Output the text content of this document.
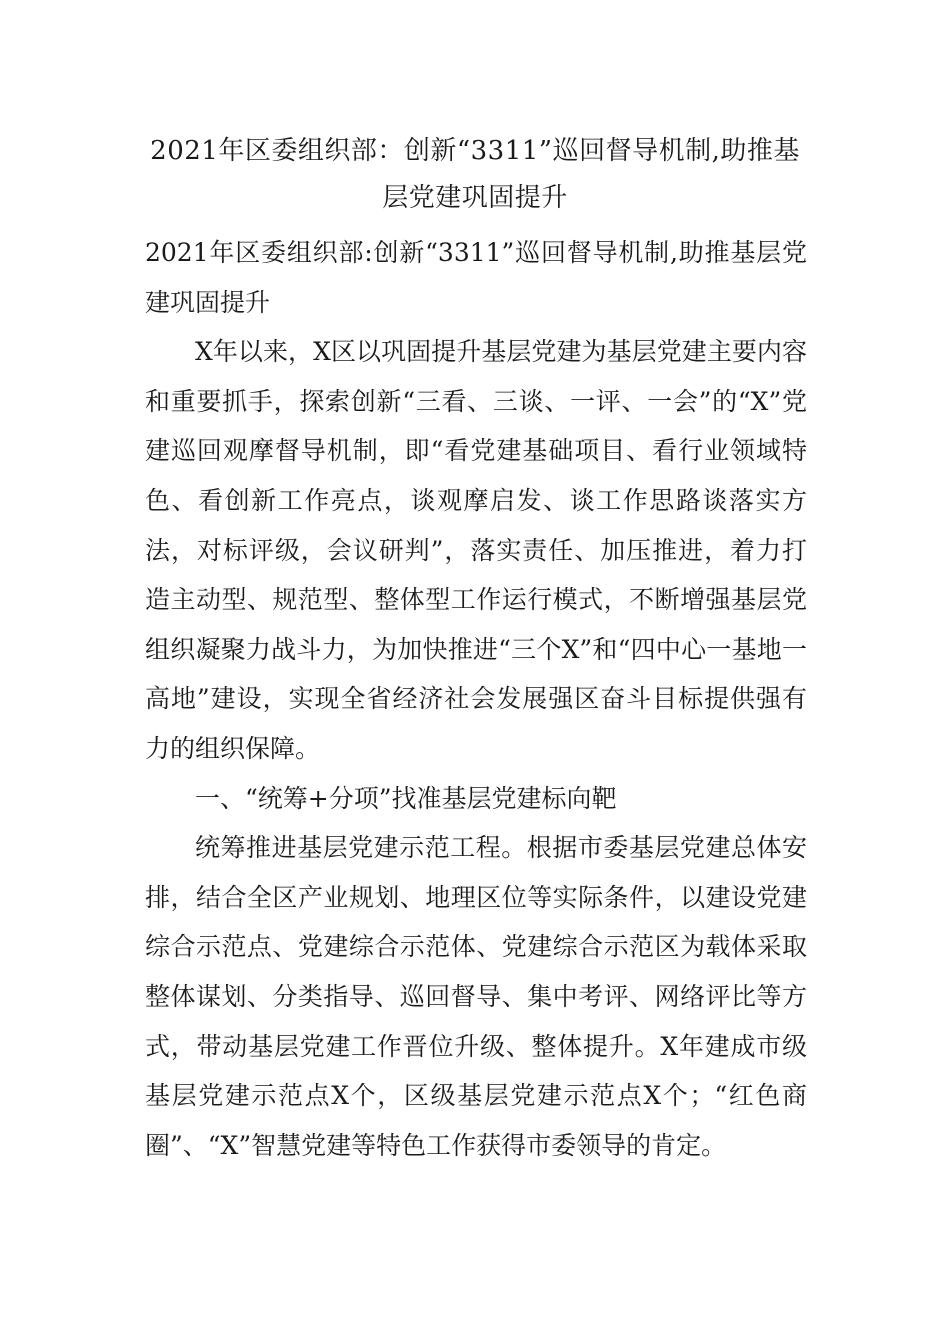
2021年区委组织部：创新“3311”巡回督导机制,助推基层党建巩固提升

2021年区委组织部:创新“3311”巡回督导机制,助推基层党建巩固提升

X年以来，X区以巩固提升基层党建为基层党建主要内容和重要抓手，探索创新“三看、三谈、一评、一会”的“X”党建巡回观摩督导机制，即“看党建基础项目、看行业领域特色、看创新工作亮点，谈观摩启发、谈工作思路谈落实方法，对标评级，会议研判”，落实责任、加压推进，着力打造主动型、规范型、整体型工作运行模式，不断增强基层党组织凝聚力战斗力，为加快推进“三个X”和“四中心一基地一高地”建设，实现全省经济社会发展强区奋斗目标提供强有力的组织保障。

一、“统筹+分项”找准基层党建标向靶

统筹推进基层党建示范工程。根据市委基层党建总体安排，结合全区产业规划、地理区位等实际条件，以建设党建综合示范点、党建综合示范体、党建综合示范区为载体采取整体谋划、分类指导、巡回督导、集中考评、网络评比等方式，带动基层党建工作晋位升级、整体提升。X年建成市级基层党建示范点X个，区级基层党建示范点X个；“红色商圈”、“X”智慧党建等特色工作获得市委领导的肯定。
